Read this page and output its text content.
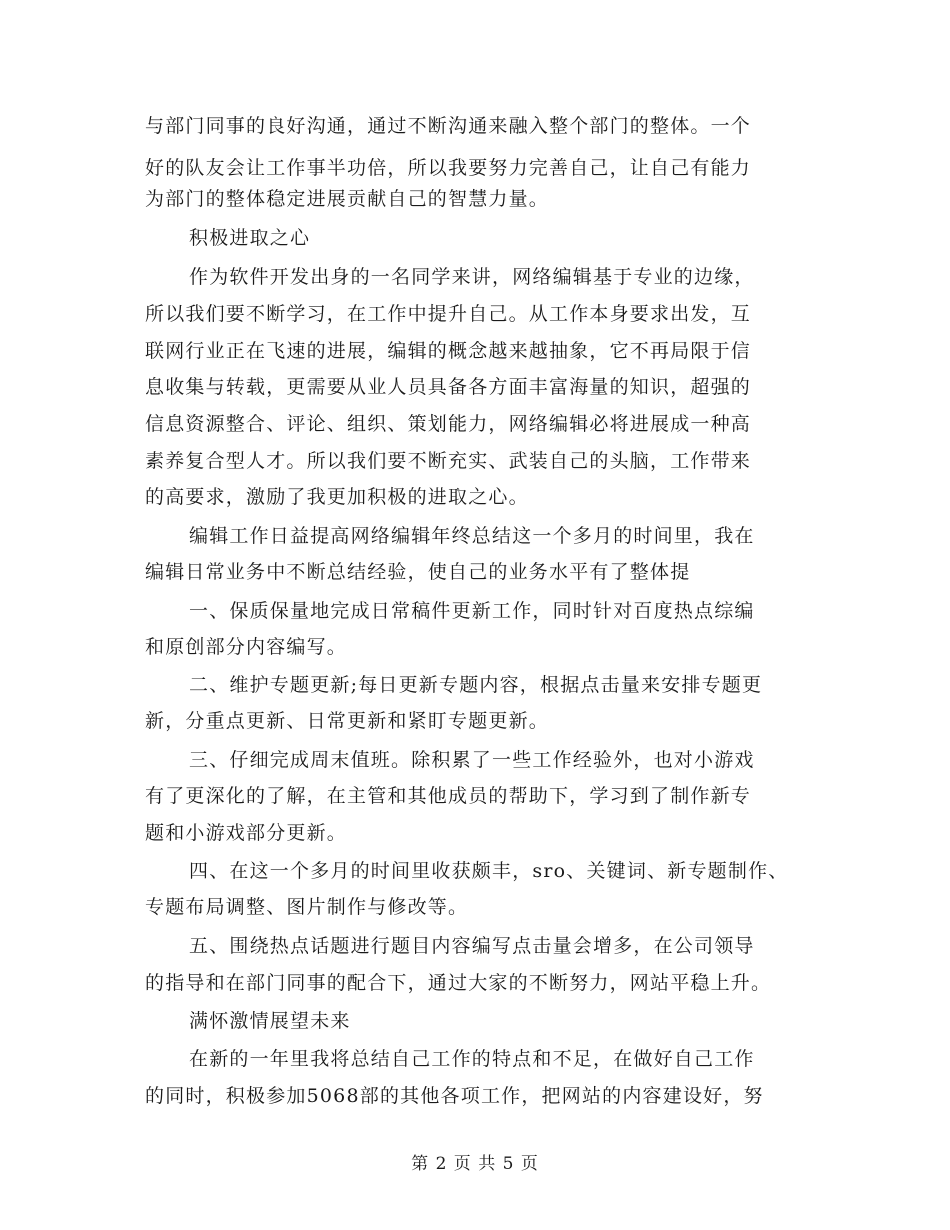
与部门同事的良好沟通，通过不断沟通来融入整个部门的整体。一个
好的队友会让工作事半功倍，所以我要努力完善自己，让自己有能力
为部门的整体稳定进展贡献自己的智慧力量。
积极进取之心
作为软件开发出身的一名同学来讲，网络编辑基于专业的边缘，
所以我们要不断学习，在工作中提升自己。从工作本身要求出发，互
联网行业正在飞速的进展，编辑的概念越来越抽象，它不再局限于信
息收集与转载，更需要从业人员具备各方面丰富海量的知识，超强的
信息资源整合、评论、组织、策划能力，网络编辑必将进展成一种高
素养复合型人才。所以我们要不断充实、武装自己的头脑，工作带来
的高要求，激励了我更加积极的进取之心。
编辑工作日益提高网络编辑年终总结这一个多月的时间里，我在
编辑日常业务中不断总结经验，使自己的业务水平有了整体提
一、保质保量地完成日常稿件更新工作，同时针对百度热点综编
和原创部分内容编写。
二、维护专题更新;每日更新专题内容，根据点击量来安排专题更
新，分重点更新、日常更新和紧盯专题更新。
三、仔细完成周末值班。除积累了一些工作经验外，也对小游戏
有了更深化的了解，在主管和其他成员的帮助下，学习到了制作新专
题和小游戏部分更新。
四、在这一个多月的时间里收获颇丰，sro、关键词、新专题制作、
专题布局调整、图片制作与修改等。
五、围绕热点话题进行题目内容编写点击量会增多，在公司领导
的指导和在部门同事的配合下，通过大家的不断努力，网站平稳上升。
满怀激情展望未来
在新的一年里我将总结自己工作的特点和不足，在做好自己工作
的同时，积极参加5068部的其他各项工作，把网站的内容建设好，努
第 2 页 共 5 页
